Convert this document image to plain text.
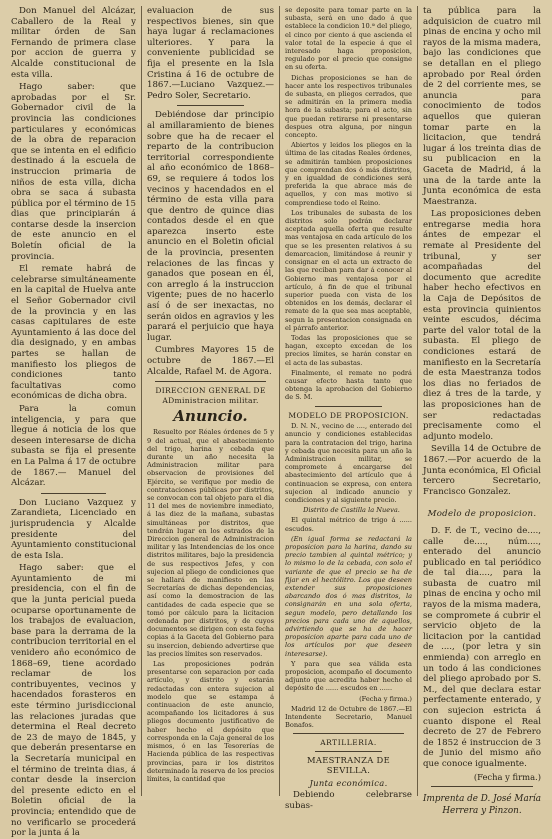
Don Manuel del Alcázar, Caballero de la Real y militar órden de San Fernando de primera clase por accion de guerra y Alcalde constitucional de esta villa.

Hago saber: que aprobadas por el Sr. Gobernador civil de la provincia las condiciones particulares y económicas de la obra de reparacion que se intenta en el edificio destinado á la escuela de instruccion primaria de niños de esta villa, dicha obra se saca á subasta pública por el término de 15 dias que principiarán á contarse desde la insercion de este anuncio en el Boletín oficial de la provincia.

El remate habrá de celebrarse simultáneamente en la capital de Huelva ante el Señor Gobernador civil de la provincia y en las casas capitulares de este Ayuntamiento á las doce del dia designado, y en ambas partes se hallan de manifiesto los pliegos de condiciones tanto facultativas como económicas de dicha obra.

Para la comun inteligencia, y para que llegue á noticia de los que deseen interesarse de dicha subasta se fija el presente en La Palma á 17 de octubre de 1867.— Manuel del Alcázar.

Don Luciano Vazquez y Zarandieta, Licenciado en jurisprudencia y Alcalde presidente del Ayuntamiento constitucional de esta Isla.

Hago saber: que el Ayuntamiento de mi presidencia, con el fin de que la junta pericial pueda ocuparse oportunamente de los trabajos de evaluacion, base para la derrama de la contribucion territorial en el venidero año económico de 1868–69, tiene acordado reclamar de los contribuyentes, vecinos y hacendados forasteros en este término jurisdiccional las relaciones juradas que determina el Real decreto de 23 de mayo de 1845, y que deberán presentarse en la Secretaría municipal en el término de treinta dias, á contar desde la insercion del presente edicto en el Boletin oficial de la provincia; entendido que de no verificarlo se procederá por la junta á la

evaluacion de sus respectivos bienes, sin que haya lugar á reclamaciones ulteriores. Y para la conveniente publicidad se fija el presente en la Isla Cristina á 16 de octubre de 1867.—Luciano Vazquez.—Pedro Soler, Secretario.

Debiéndose dar principio al amillaramiento de bienes sobre que ha de recaer el reparto de la contribucion territorial correspondiente al año económico de 1868–69, se requiere á todos los vecinos y hacendados en el término de esta villa para que dentro de quince dias contados desde el en que aparezca inserto este anuncio en el Boletin oficial de la provincia, presenten relaciones de las fincas y ganados que posean en él, con arreglo á la instruccion vigente; pues de no hacerlo así ó de ser inexactas, no serán oidos en agravios y les parará el perjuicio que haya lugar.

Cumbres Mayores 15 de octubre de 1867.—El Alcalde, Rafael M. de Agora.

DIRECCION GENERAL DE ADministracion militar.
Anuncio.

Resuelto por Réales órdenes de 5 y 9 del actual, que el abastecimiento del trigo, harina y cebada que durante un año necesita la Administracion militar para observacion de provisiones del Ejército, se verifique por medio de contrataciones públicas por distritos, se convocan con tal objeto para el dia 11 del mes de noviembre inmediato, á las diez de la mañana, subastas simultáneas por distritos, que tendrán lugar en los estrados de la Direccion general de Administracion militar y las Intendencias de los once distritos militares, bajo la presidencia de sus respectivos Jefes, y con sujecion al pliego de condiciones que se hallará de manifiesto en las Secretarías de dichas dependencias, así como la demostracion de las cantidades de cada especie que se tomó por cálculo para la licitacion ordenada por distritos, y de cuyos documentos se dirigen con esta fecha copias á la Gaceta del Gobierno para su insercion, debiendo advertirse que las precios límites son reservados.

Las proposiciones podrán presentarse con separacion por cada artículo, y distrito y estarán redactadas con entera sujecion al modelo que se estampa á continuacion de este anuncio, acompañando los licitadores á sus pliegos documento justificativo de haber hecho el depósito que corresponda en la Caja general de los mismos, ó en las Tesorerías de Hacienda pública de las respectivas provincias, para ir los distritos determinado la reserva de los precios límites, la cantidad que

se deposite para tomar parte en la subasta, será en uno dado á que establece la condicion 10.ª del pliego, el cinco por ciento á que ascienda el valor total de la especie á que el interesado haga proposicion, regulado por el precio que consigne en su oferta.

Dichas proposiciones se han de hacer ante los respectivos tribunales de subasta, en pliegos cerrados, que se admitirán en la primera media hora de la subasta; para el acto, sin que puedan retirarse ni presentarse despues otra alguna, por ningun concepto.

Abiertos y leidos los pliegos en la última de las citadas Reales órdenes, se admitirán tambien proposiciones que comprendan dos ó más distritos, y en igualdad de condiciones será preferida la que abrace más de aquellos, y con mas motivo si comprendiese todo el Reino.

Los tribunales de subasta de los distritos solo podrán declarar aceptada aquella oferta que resulte mas ventajosa en cada artículo de los que se les presenten relativos á su demarcacion, limitándose á reunir y consignar en el acta un extracto de las que reciban para dar á conocer al Gobierno mas ventajosa por el artículo, á fin de que el tribunal superior pueda con vista de los obtenidos en los demás, declarar el remate de la que sea mas aceptable, segun la presentacion consignada en el párrafo anterior.

Todas las proposiciones que se hagan, excepto excedan de los precios límites, se harán constar en el acta de las subastas.

Finalmente, el remate no podrá causar efecto hasta tanto que obtenga la aprobacion del Gobierno de S. M.

MODELO DE PROPOSICION.

D. N. N., vecino de ...., enterado del anuncio y condiciones establecidas para la contratacion del trigo, harina y cebada que necesita para un año la Administracion militar, se compromete á encargarse del abastecimiento del artículo que á continuacion se expresa, con entera sujecion al indicado anuncio y condiciones y al siguiente precio.

Distrito de Castilla la Nueva.

El quintal métrico de trigo á ...... escudos.

(En igual forma se redactará la proposicion para la harina, dando su precio tambien al quintal métrico; y lo mismo lo de la cebada, con solo el variante de que el precio se ha de fijar en el hectólitro. Los que deseen extender sus proposiciones abarcando dos ó mas distritos, la consignarán en una sola oferta, segun modelo, pero detallando los precios para cada uno de aquellos, advirtiendo que se ha de hacer proposicion aparte para cada uno de los artículos por que deseen interesarse).

Y para que sea válida esta proposicion, acompaño el documento adjunto que acredita haber hecho el depósito de ...... escudos en ......

(Fecha y firma.)

Madrid 12 de Octubre de 1867.—El Intendente Secretario, Manuel Bonafos.

ARTILLERIA.
MAESTRANZA DE SEVILLA.
Junta económica.

Debiendo celebrarse subas-

ta pública para la adquisicion de cuatro mil pinas de encina y ocho mil rayos de la misma madera, bajo las condiciones que se detallan en el pliego aprobado por Real órden de 2 del corriente mes, se anuncia para conocimiento de todos aquellos que quieran tomar parte en la licitacion, que tendrá lugar á los treinta dias de su publicacion en la Gaceta de Madrid, á la una de la tarde ante la Junta económica de esta Maestranza.

Las proposiciones deben entregarse media hora ántes de empezar el remate al Presidente del tribunal, y ser acompañadas del documento que acredite haber hecho efectivos en la Caja de Depósitos de esta provincia quinientos veinte escudos, décima parte del valor total de la subasta. El pliego de condiciones estará de manifiesto en la Secretaría de esta Maestranza todos los dias no feriados de diez á tres de la tarde, y las proposiciones han de ser redactadas precisamente como el adjunto modelo.

Sevilla 14 de Octubre de 1867.—Por acuerdo de la Junta económica, El Oficial tercero Secretario, Francisco Gonzalez.

Modelo de proposicion.

D. F. de T., vecino de...., calle de...., núm...., enterado del anuncio publicado en tal periódico de tal dia...., para la subasta de cuatro mil pinas de encina y ocho mil rayos de la misma madera, se compromete á cubrir el servicio objeto de la licitacion por la cantidad de ...., (por letra y sin enmienda) con arreglo en un todo á las condiciones del pliego aprobado por S. M., del que declara estar perfectamente enterado, y con sujecion estricta á cuanto dispone el Real decreto de 27 de Febrero de 1852 é instruccion de 3 de Junio del mismo año que conoce igualmente.

(Fecha y firma.)

Imprenta de D. José María
Herrera y Pinzon.
